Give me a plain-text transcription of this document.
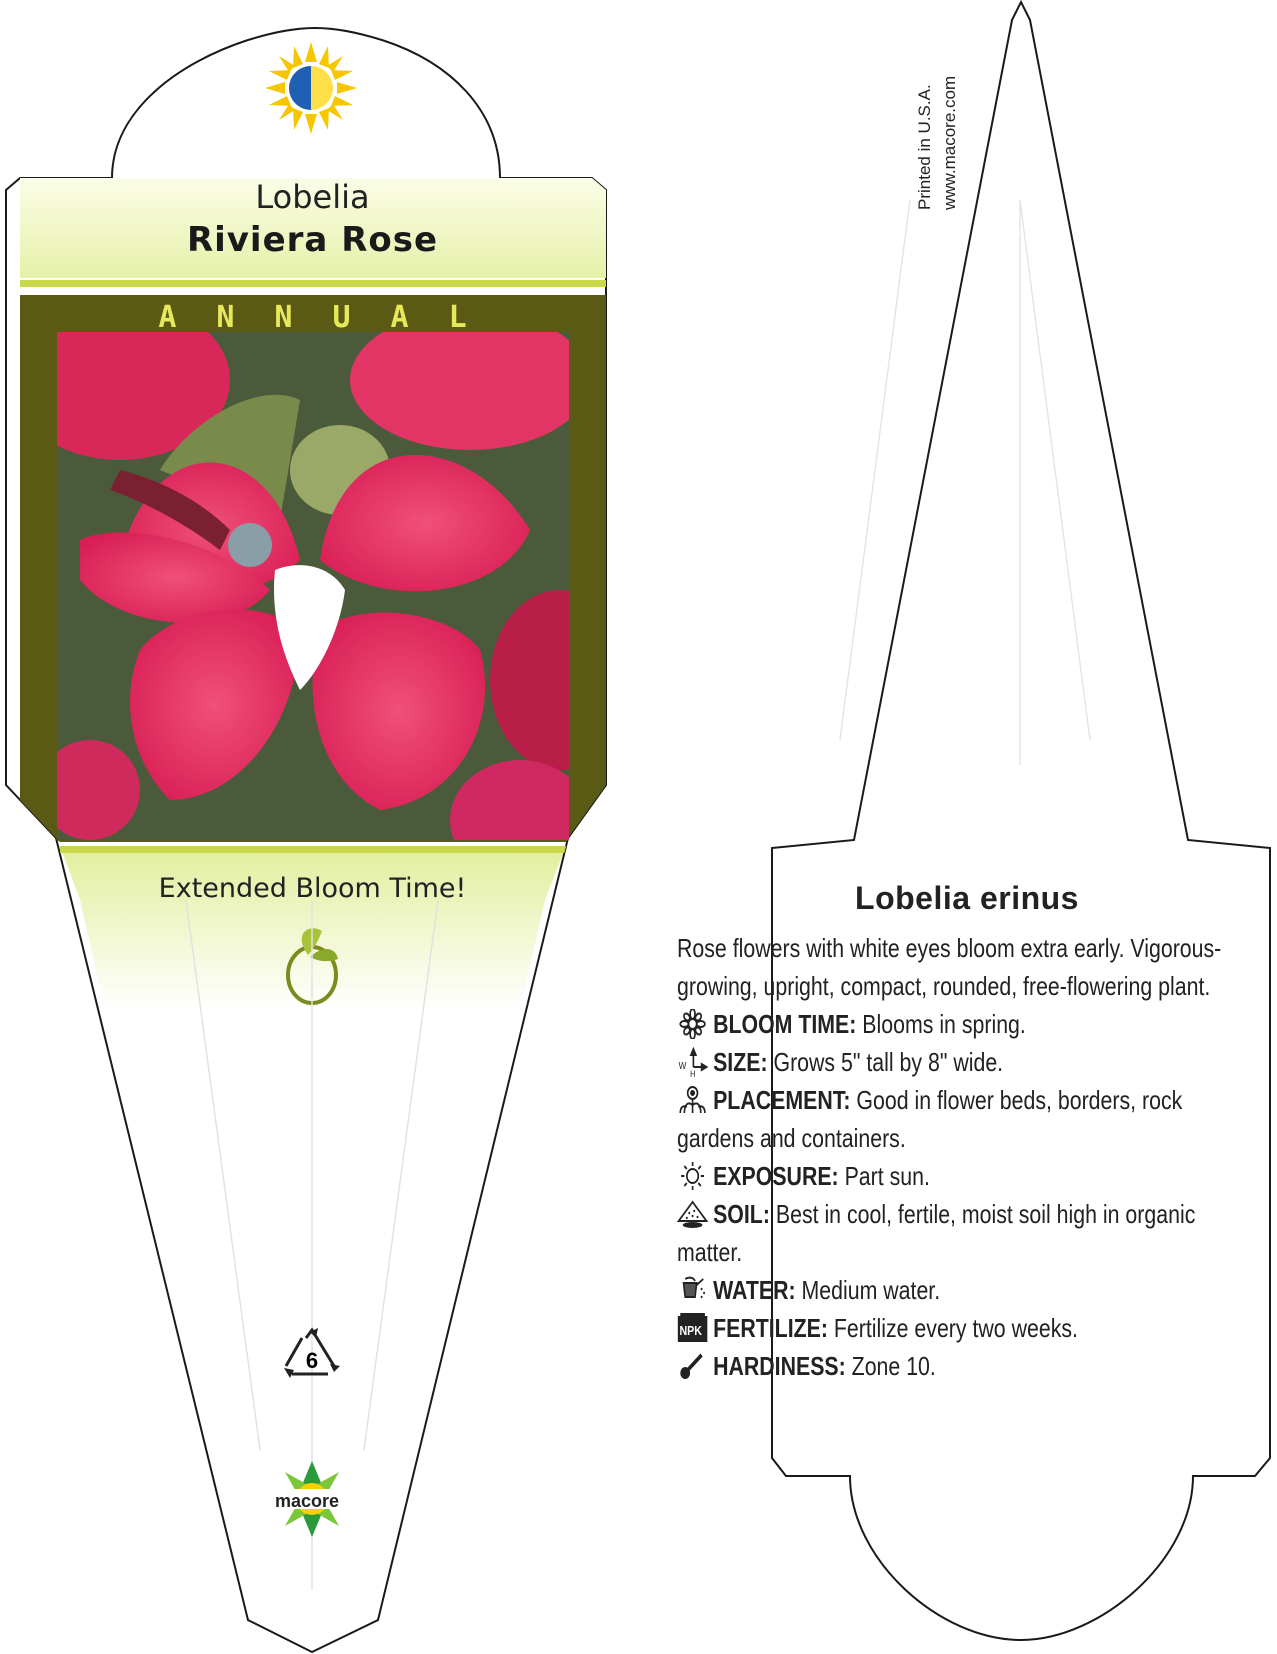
Lobelia
Riviera Rose
ANNUAL
Extended Bloom Time!
6
macore
Printed in U.S.A. www.macore.com
Lobelia erinus
Rose flowers with white eyes bloom extra early. Vigorous-growing, upright, compact, rounded, free-flowering plant.
BLOOM TIME: Blooms in spring.
W
H SIZE: Grows 5" tall by 8" wide.
PLACEMENT: Good in flower beds, borders, rock gardens and containers.
EXPOSURE: Part sun.
SOIL: Best in cool, fertile, moist soil high in organic matter.
WATER: Medium water.
NPK FERTILIZE: Fertilize every two weeks.
HARDINESS: Zone 10.
